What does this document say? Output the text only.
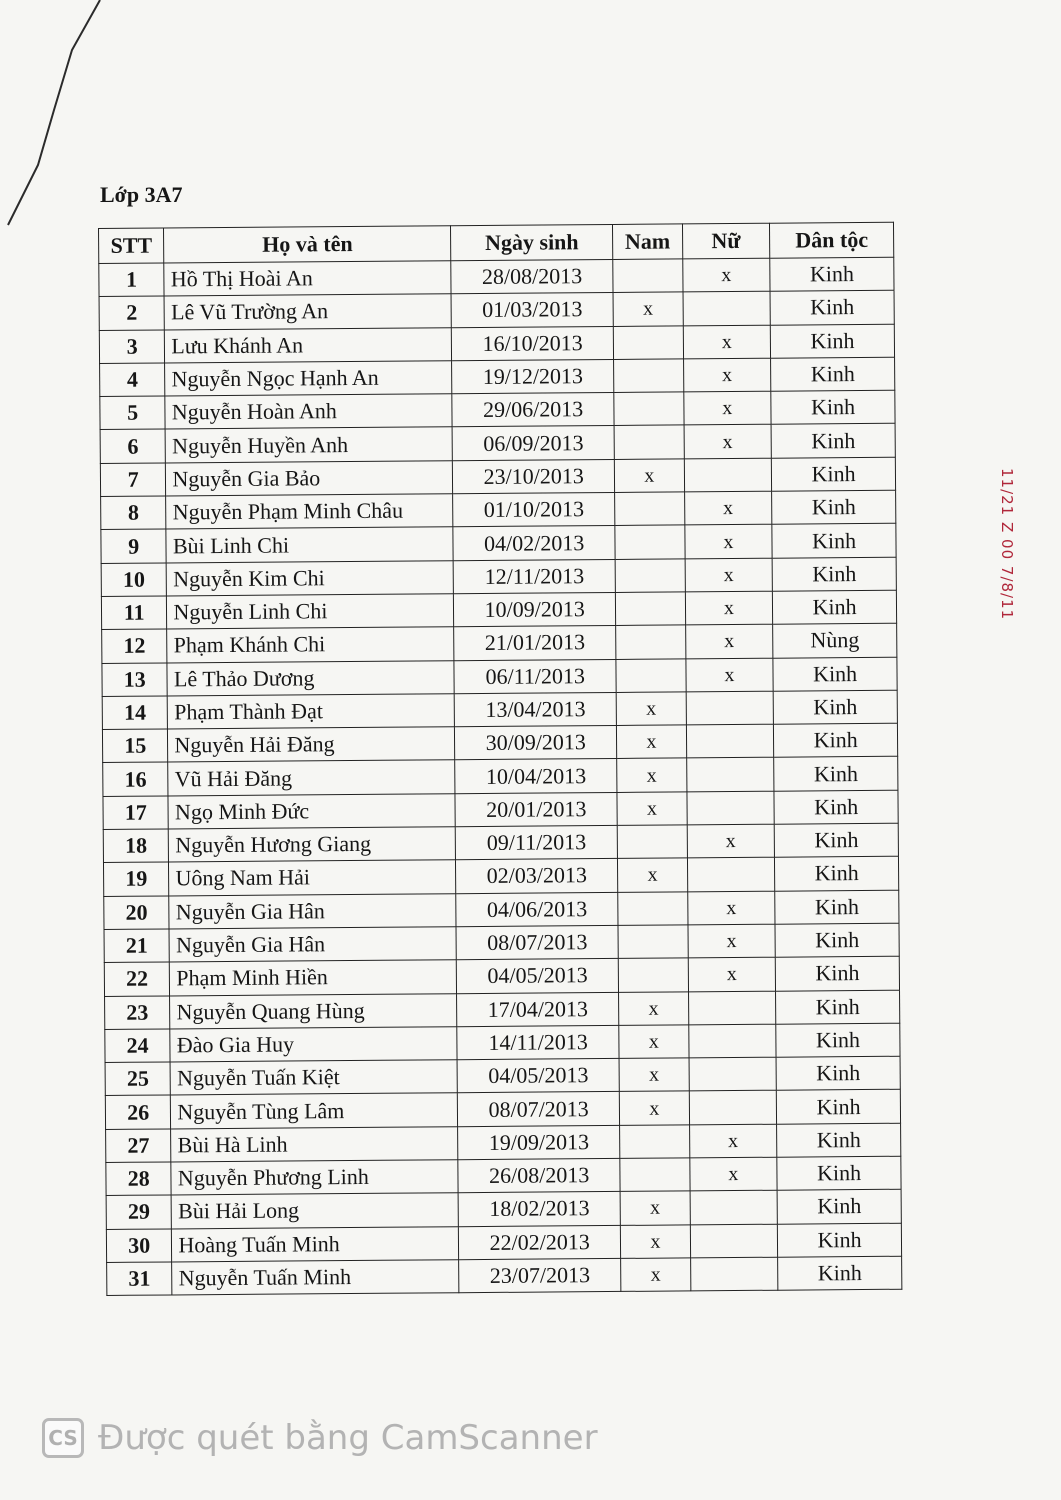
Lớp 3A7
STT	Họ và tên	Ngày sinh	Nam	Nữ	Dân tộc
1	Hồ Thị Hoài An	28/08/2013		x	Kinh
2	Lê Vũ Trường An	01/03/2013	x		Kinh
3	Lưu Khánh An	16/10/2013		x	Kinh
4	Nguyễn Ngọc Hạnh An	19/12/2013		x	Kinh
5	Nguyễn Hoàn Anh	29/06/2013		x	Kinh
6	Nguyễn Huyền Anh	06/09/2013		x	Kinh
7	Nguyễn Gia Bảo	23/10/2013	x		Kinh
8	Nguyễn Phạm Minh Châu	01/10/2013		x	Kinh
9	Bùi Linh Chi	04/02/2013		x	Kinh
10	Nguyễn Kim Chi	12/11/2013		x	Kinh
11	Nguyễn Linh Chi	10/09/2013		x	Kinh
12	Phạm Khánh Chi	21/01/2013		x	Nùng
13	Lê Thảo Dương	06/11/2013		x	Kinh
14	Phạm Thành Đạt	13/04/2013	x		Kinh
15	Nguyễn Hải Đăng	30/09/2013	x		Kinh
16	Vũ Hải Đăng	10/04/2013	x		Kinh
17	Ngọ Minh Đức	20/01/2013	x		Kinh
18	Nguyễn Hương Giang	09/11/2013		x	Kinh
19	Uông Nam Hải	02/03/2013	x		Kinh
20	Nguyễn Gia Hân	04/06/2013		x	Kinh
21	Nguyễn Gia Hân	08/07/2013		x	Kinh
22	Phạm Minh Hiền	04/05/2013		x	Kinh
23	Nguyễn Quang Hùng	17/04/2013	x		Kinh
24	Đào Gia Huy	14/11/2013	x		Kinh
25	Nguyễn Tuấn Kiệt	04/05/2013	x		Kinh
26	Nguyễn Tùng Lâm	08/07/2013	x		Kinh
27	Bùi Hà Linh	19/09/2013		x	Kinh
28	Nguyễn Phương Linh	26/08/2013		x	Kinh
29	Bùi Hải Long	18/02/2013	x		Kinh
30	Hoàng Tuấn Minh	22/02/2013	x		Kinh
31	Nguyễn Tuấn Minh	23/07/2013	x		Kinh
11/21 Z 00 7/8/11
CS Được quét bằng CamScanner
